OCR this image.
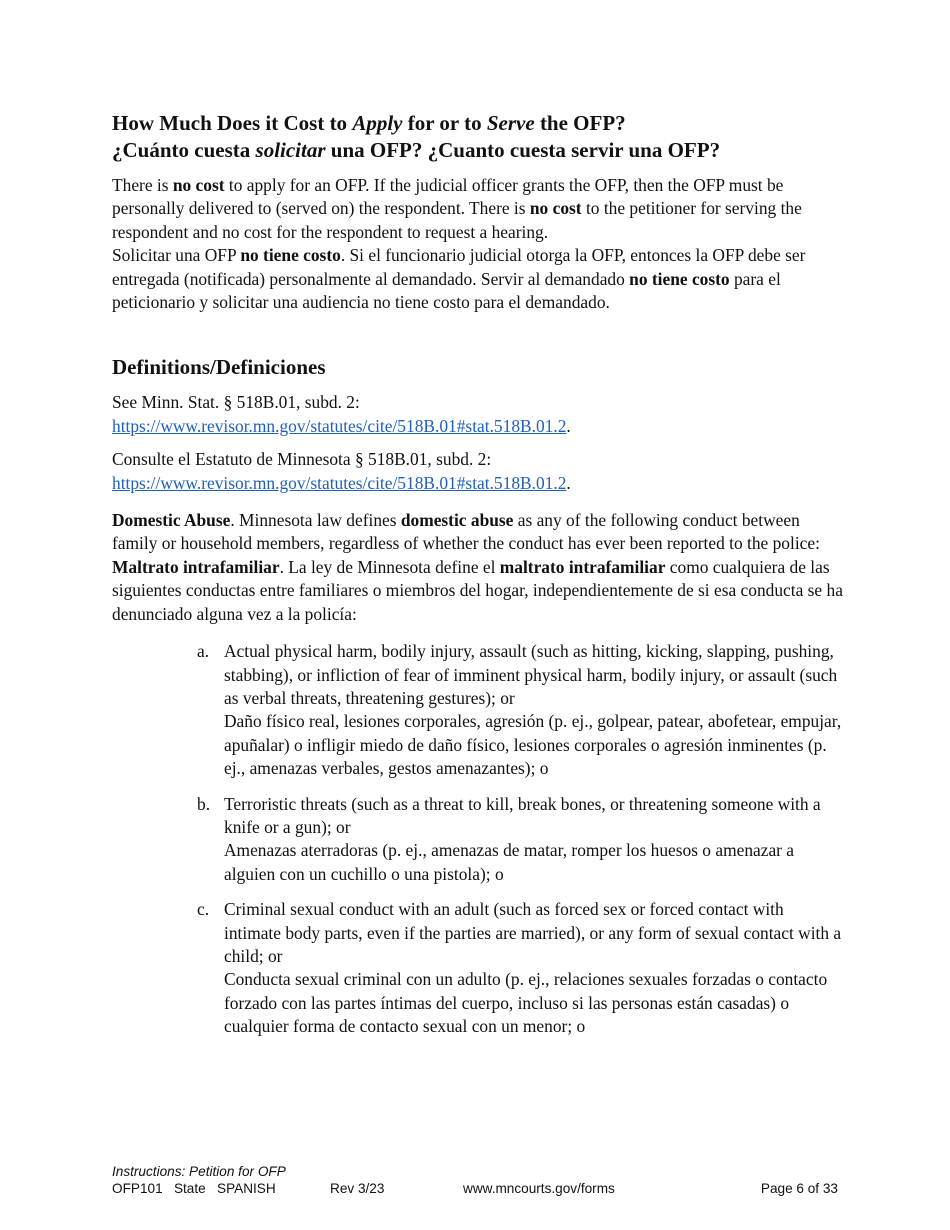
How Much Does it Cost to Apply for or to Serve the OFP?
¿Cuánto cuesta solicitar una OFP? ¿Cuanto cuesta servir una OFP?

There is no cost to apply for an OFP. If the judicial officer grants the OFP, then the OFP must be personally delivered to (served on) the respondent. There is no cost to the petitioner for serving the respondent and no cost for the respondent to request a hearing.

Solicitar una OFP no tiene costo. Si el funcionario judicial otorga la OFP, entonces la OFP debe ser entregada (notificada) personalmente al demandado. Servir al demandado no tiene costo para el peticionario y solicitar una audiencia no tiene costo para el demandado.

Definitions/Definiciones

See Minn. Stat. § 518B.01, subd. 2:
https://www.revisor.mn.gov/statutes/cite/518B.01#stat.518B.01.2.

Consulte el Estatuto de Minnesota § 518B.01, subd. 2:
https://www.revisor.mn.gov/statutes/cite/518B.01#stat.518B.01.2.

Domestic Abuse. Minnesota law defines domestic abuse as any of the following conduct between family or household members, regardless of whether the conduct has ever been reported to the police:

Maltrato intrafamiliar. La ley de Minnesota define el maltrato intrafamiliar como cualquiera de las siguientes conductas entre familiares o miembros del hogar, independientemente de si esa conducta se ha denunciado alguna vez a la policía:

a. Actual physical harm, bodily injury, assault (such as hitting, kicking, slapping, pushing, stabbing), or infliction of fear of imminent physical harm, bodily injury, or assault (such as verbal threats, threatening gestures); or

Daño físico real, lesiones corporales, agresión (p. ej., golpear, patear, abofetear, empujar, apuñalar) o infligir miedo de daño físico, lesiones corporales o agresión inminentes (p. ej., amenazas verbales, gestos amenazantes); o

b. Terroristic threats (such as a threat to kill, break bones, or threatening someone with a knife or a gun); or

Amenazas aterradoras (p. ej., amenazas de matar, romper los huesos o amenazar a alguien con un cuchillo o una pistola); o

c. Criminal sexual conduct with an adult (such as forced sex or forced contact with intimate body parts, even if the parties are married), or any form of sexual contact with a child; or

Conducta sexual criminal con un adulto (p. ej., relaciones sexuales forzadas o contacto forzado con las partes íntimas del cuerpo, incluso si las personas están casadas) o cualquier forma de contacto sexual con un menor; o

Instructions: Petition for OFP
OFP101   State   SPANISH	Rev 3/23	www.mncourts.gov/forms	Page 6 of 33
